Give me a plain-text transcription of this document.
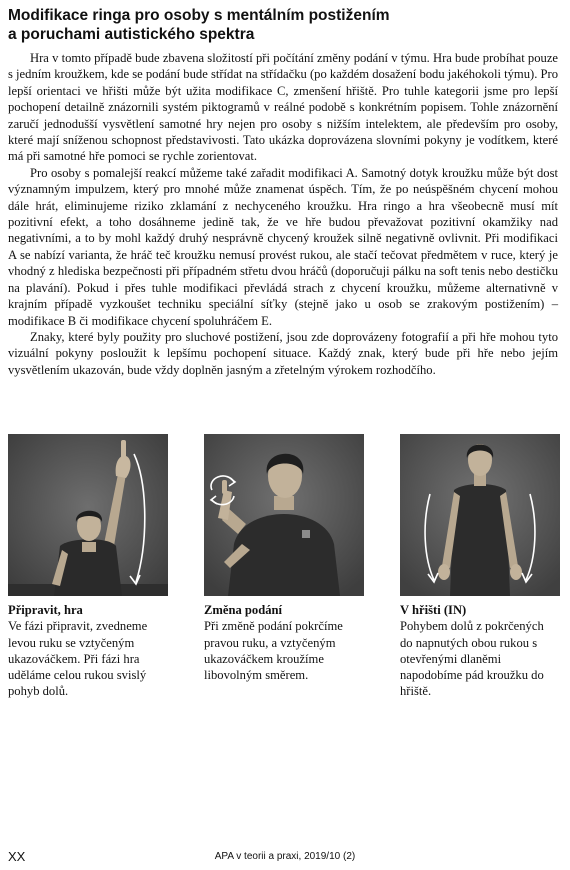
Modifikace ringa pro osoby s mentálním postižením
a poruchami autistického spektra

Hra v tomto případě bude zbavena složitostí při počítání změny podání v týmu. Hra bude probíhat pouze s jedním kroužkem, kde se podání bude střídat na střídačku (po každém dosažení bodu jakéhokoli týmu). Pro lepší orientaci ve hřišti může být užita modifikace C, zmenšení hřiště. Pro tuhle kategorii jsme pro lepší pochopení detailně znázornili systém piktogramů v reálné podobě s konkrétním popisem. Tohle znázornění zaručí jednodušší vysvětlení samotné hry nejen pro osoby s nižším intelektem, ale především pro osoby, které mají sníženou schopnost představivosti. Tato ukázka doprovázena slovními pokyny je vodítkem, které má při samotné hře pomoci se rychle zorientovat.

Pro osoby s pomalejší reakcí můžeme také zařadit modifikaci A. Samotný dotyk kroužku může být dost významným impulzem, který pro mnohé může znamenat úspěch. Tím, že po neúspěšném chycení mohou dále hrát, eliminujeme riziko zklamání z nechyceného kroužku. Hra ringo a hra všeobecně musí mít pozitivní efekt, a toho dosáhneme jedině tak, že ve hře budou převažovat pozitivní okamžiky nad negativními, a to by mohl každý druhý nesprávně chycený kroužek silně negativně ovlivnit. Při modifikaci A se nabízí varianta, že hráč teč kroužku nemusí provést rukou, ale stačí tečovat předmětem v ruce, který je vhodný z hlediska bezpečnosti při případném střetu dvou hráčů (doporučuji pálku na soft tenis nebo destičku na plavání). Pokud i přes tuhle modifikaci převládá strach z chycení kroužku, můžeme alternativně v krajním případě vyzkoušet techniku speciální síťky (stejně jako u osob se zrakovým postižením) – modifikace B či modifikace chycení spoluhráčem E.

Znaky, které byly použity pro sluchové postižení, jsou zde doprovázeny fotografií a při hře mohou tyto vizuální pokyny posloužit k lepšímu pochopení situace. Každý znak, který bude při hře nebo jejím vysvětlením ukazován, bude vždy doplněn jasným a zřetelným výrokem rozhodčího.

Připravit, hra
Ve fázi připravit, zvedneme levou ruku se vztyčeným ukazováčkem. Při fázi hra uděláme celou rukou svislý pohyb dolů.
Změna podání
Při změně podání pokrčíme pravou ruku, a vztyčeným ukazováčkem kroužíme libovolným směrem.
V hřišti (IN)
Pohybem dolů z pokrčených do napnutých obou rukou s otevřenými dlaněmi napodobíme pád kroužku do hřiště.
XX	APA v teorii a praxi, 2019/10 (2)
